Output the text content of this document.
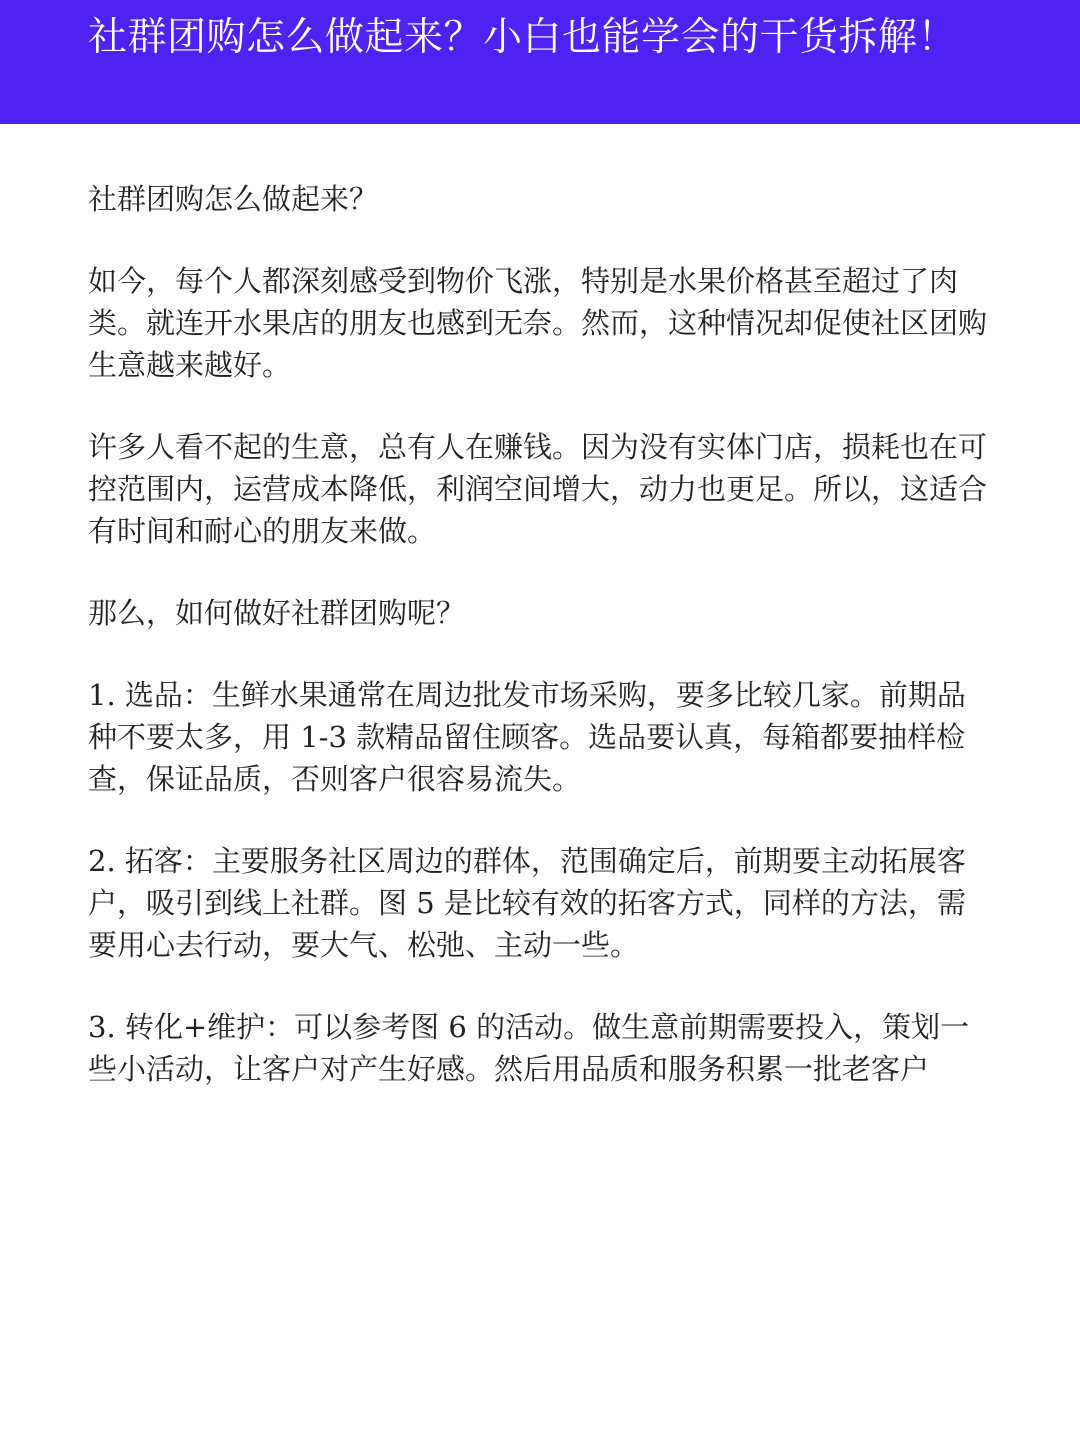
社群团购怎么做起来？小白也能学会的干货拆解！

社群团购怎么做起来？

如今，每个人都深刻感受到物价飞涨，特别是水果价格甚至超过了肉类。就连开水果店的朋友也感到无奈。然而，这种情况却促使社区团购生意越来越好。

许多人看不起的生意，总有人在赚钱。因为没有实体门店，损耗也在可控范围内，运营成本降低，利润空间增大，动力也更足。所以，这适合有时间和耐心的朋友来做。

那么，如何做好社群团购呢？

1. 选品：生鲜水果通常在周边批发市场采购，要多比较几家。前期品种不要太多，用 1-3 款精品留住顾客。选品要认真，每箱都要抽样检查，保证品质，否则客户很容易流失。

2. 拓客：主要服务社区周边的群体，范围确定后，前期要主动拓展客户，吸引到线上社群。图 5 是比较有效的拓客方式，同样的方法，需要用心去行动，要大气、松弛、主动一些。

3. 转化+维护：可以参考图 6 的活动。做生意前期需要投入，策划一些小活动，让客户对产生好感。然后用品质和服务积累一批老客户
